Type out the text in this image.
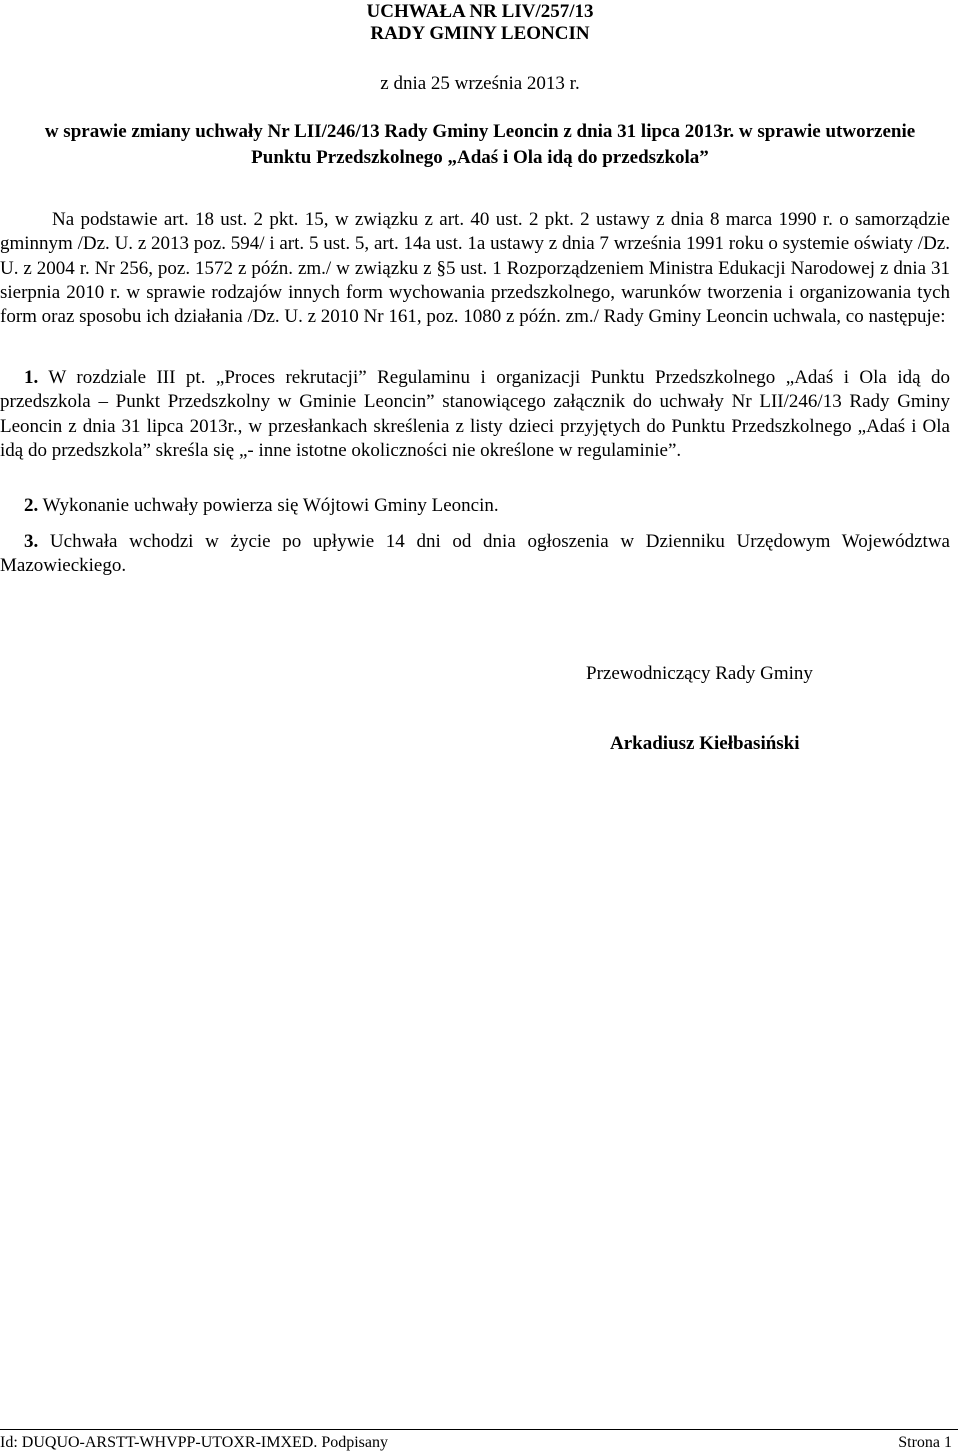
UCHWAŁA NR LIV/257/13
RADY GMINY LEONCIN
z dnia 25 września 2013 r.
w sprawie zmiany uchwały Nr LII/246/13 Rady Gminy Leoncin z dnia 31 lipca 2013r. w sprawie utworzenie
Punktu Przedszkolnego „Adaś i Ola idą do przedszkola”

Na podstawie art. 18 ust. 2 pkt. 15, w związku z art. 40 ust. 2 pkt. 2 ustawy z dnia 8 marca 1990 r. o samorządzie gminnym /Dz. U. z 2013 poz. 594/ i art. 5 ust. 5, art. 14a ust. 1a ustawy z dnia 7 września 1991 roku o systemie oświaty /Dz. U. z 2004 r. Nr 256, poz. 1572 z późn. zm./ w związku z §5 ust. 1 Rozporządzeniem Ministra Edukacji Narodowej z dnia 31 sierpnia 2010 r. w sprawie rodzajów innych form wychowania przedszkolnego, warunków tworzenia i organizowania tych form oraz sposobu ich działania /Dz. U. z 2010 Nr 161, poz. 1080 z późn. zm./ Rady Gminy Leoncin uchwala, co następuje:

1. W rozdziale III pt. „Proces rekrutacji” Regulaminu i organizacji Punktu Przedszkolnego „Adaś i Ola idą do przedszkola – Punkt Przedszkolny w Gminie Leoncin” stanowiącego załącznik do uchwały Nr LII/246/13 Rady Gminy Leoncin z dnia 31 lipca 2013r., w przesłankach skreślenia z listy dzieci przyjętych do Punktu Przedszkolnego „Adaś i Ola idą do przedszkola” skreśla się „- inne istotne okoliczności nie określone w regulaminie”.

2. Wykonanie uchwały powierza się Wójtowi Gminy Leoncin.

3. Uchwała wchodzi w życie po upływie 14 dni od dnia ogłoszenia w Dzienniku Urzędowym Województwa Mazowieckiego.

Przewodniczący Rady Gminy
Arkadiusz Kiełbasiński
Id: DUQUO-ARSTT-WHVPP-UTOXR-IMXED. Podpisany	Strona 1
